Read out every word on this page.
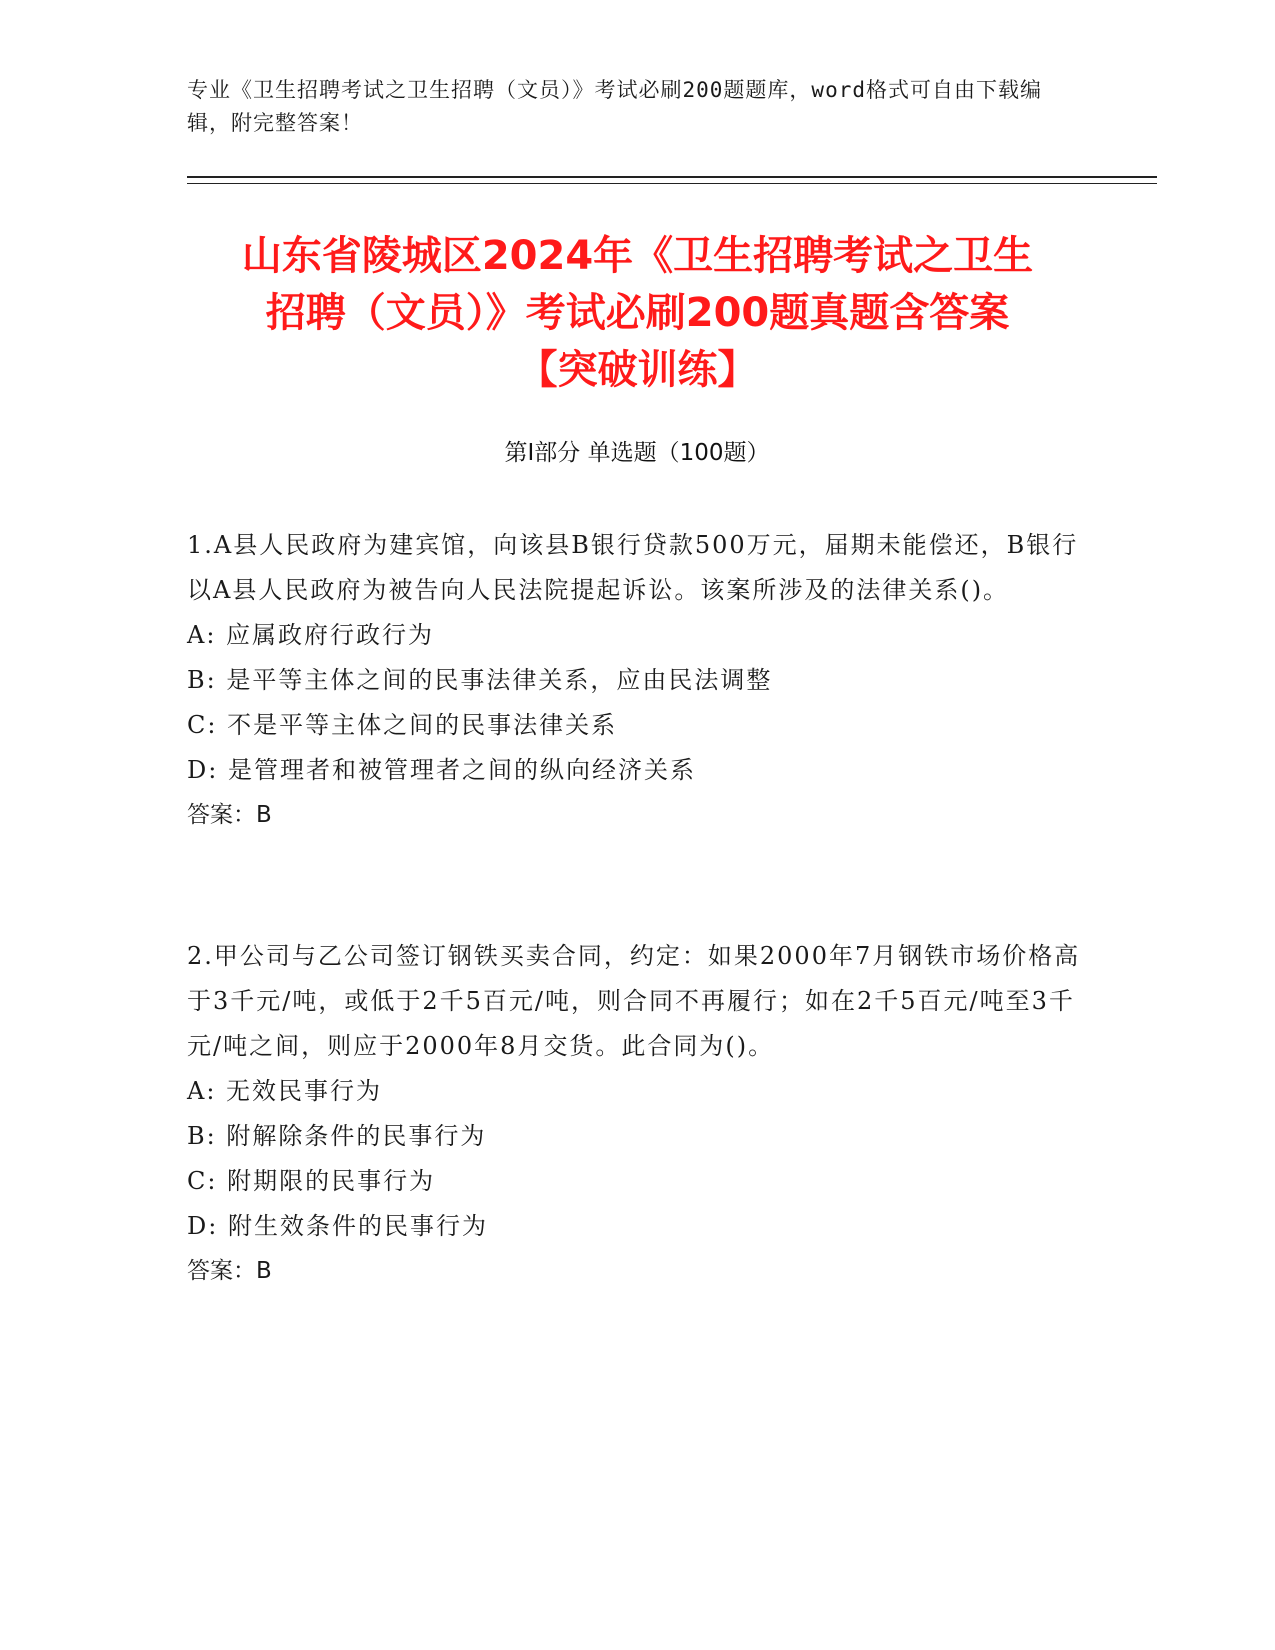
专业《卫生招聘考试之卫生招聘（文员）》考试必刷200题题库，word格式可自由下载编辑，附完整答案！
山东省陵城区2024年《卫生招聘考试之卫生
招聘（文员）》考试必刷200题真题含答案
【突破训练】
第Ⅰ部分 单选题（100题）
1.A县人民政府为建宾馆，向该县B银行贷款500万元，届期未能偿还，B银行以A县人民政府为被告向人民法院提起诉讼。该案所涉及的法律关系()。
A: 应属政府行政行为
B: 是平等主体之间的民事法律关系，应由民法调整
C: 不是平等主体之间的民事法律关系
D: 是管理者和被管理者之间的纵向经济关系
答案：B
2.甲公司与乙公司签订钢铁买卖合同，约定：如果2000年7月钢铁市场价格高于3千元/吨，或低于2千5百元/吨，则合同不再履行；如在2千5百元/吨至3千元/吨之间，则应于2000年8月交货。此合同为()。
A: 无效民事行为
B: 附解除条件的民事行为
C: 附期限的民事行为
D: 附生效条件的民事行为
答案：B
